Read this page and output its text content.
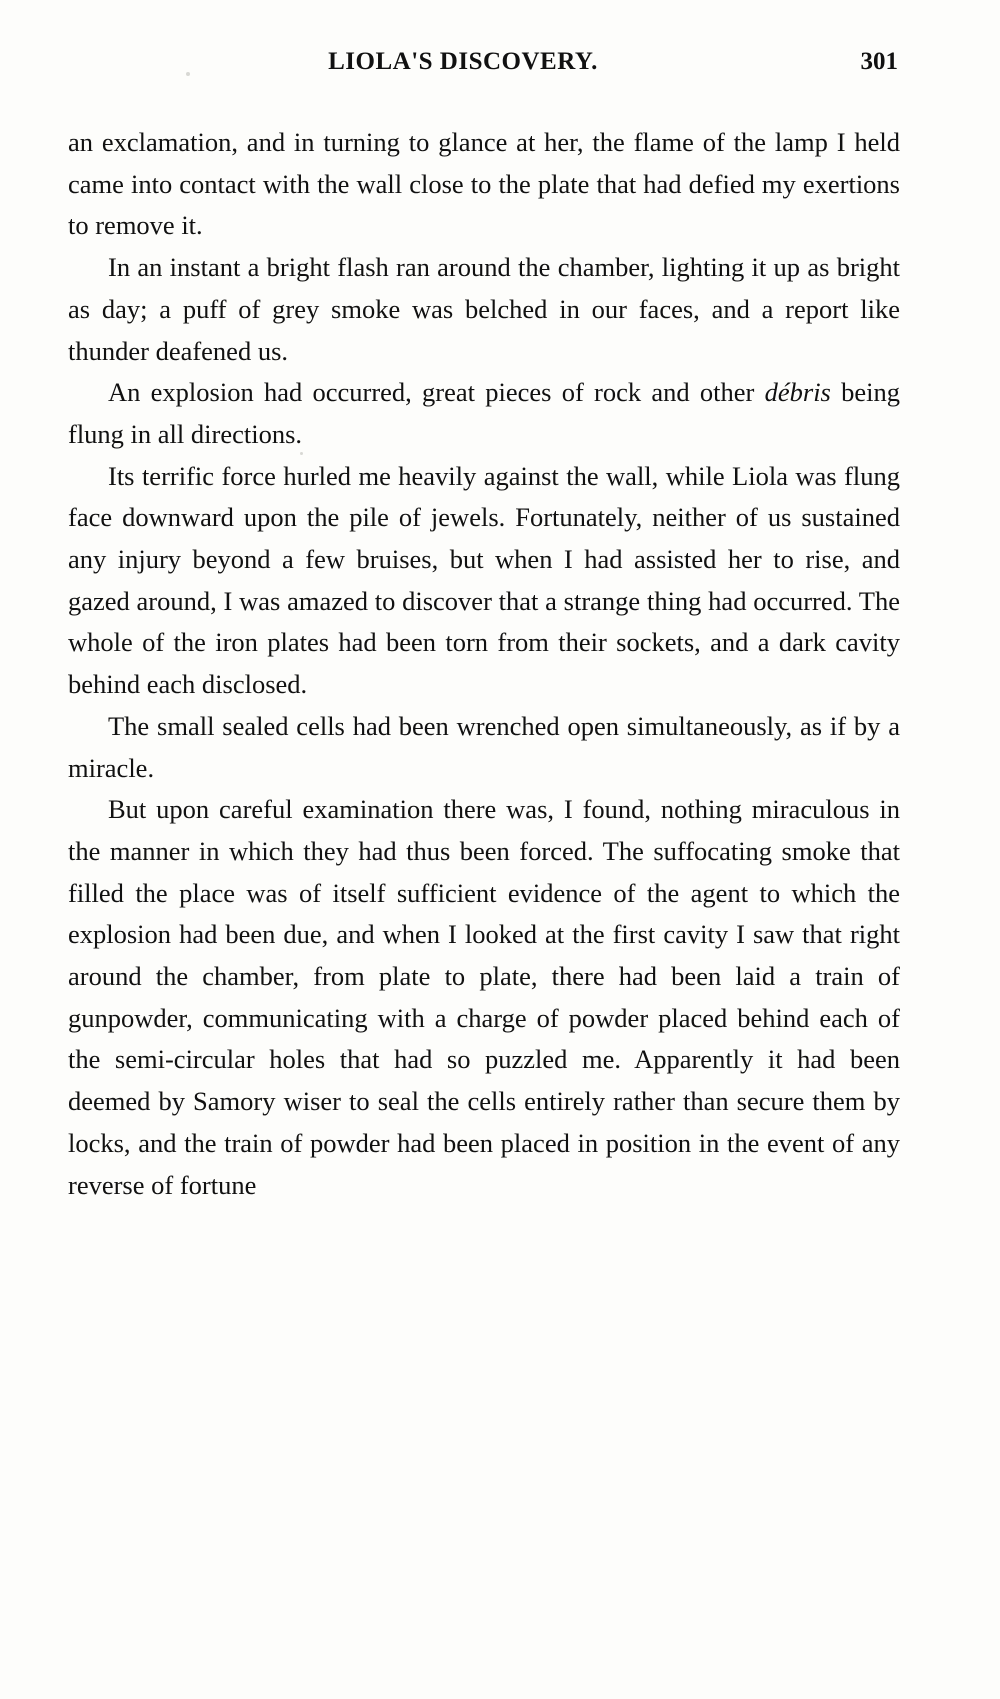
LIOLA'S DISCOVERY.	301

an exclamation, and in turning to glance at her, the flame of the lamp I held came into contact with the wall close to the plate that had defied my exertions to remove it.

In an instant a bright flash ran around the chamber, lighting it up as bright as day; a puff of grey smoke was belched in our faces, and a report like thunder deafened us.

An explosion had occurred, great pieces of rock and other débris being flung in all directions.

Its terrific force hurled me heavily against the wall, while Liola was flung face downward upon the pile of jewels. Fortunately, neither of us sustained any injury beyond a few bruises, but when I had assisted her to rise, and gazed around, I was amazed to discover that a strange thing had occurred. The whole of the iron plates had been torn from their sockets, and a dark cavity behind each disclosed.

The small sealed cells had been wrenched open simultaneously, as if by a miracle.

But upon careful examination there was, I found, nothing miraculous in the manner in which they had thus been forced. The suffocating smoke that filled the place was of itself sufficient evidence of the agent to which the explosion had been due, and when I looked at the first cavity I saw that right around the chamber, from plate to plate, there had been laid a train of gunpowder, communicating with a charge of powder placed behind each of the semi-circular holes that had so puzzled me. Apparently it had been deemed by Samory wiser to seal the cells entirely rather than secure them by locks, and the train of powder had been placed in position in the event of any reverse of fortune
